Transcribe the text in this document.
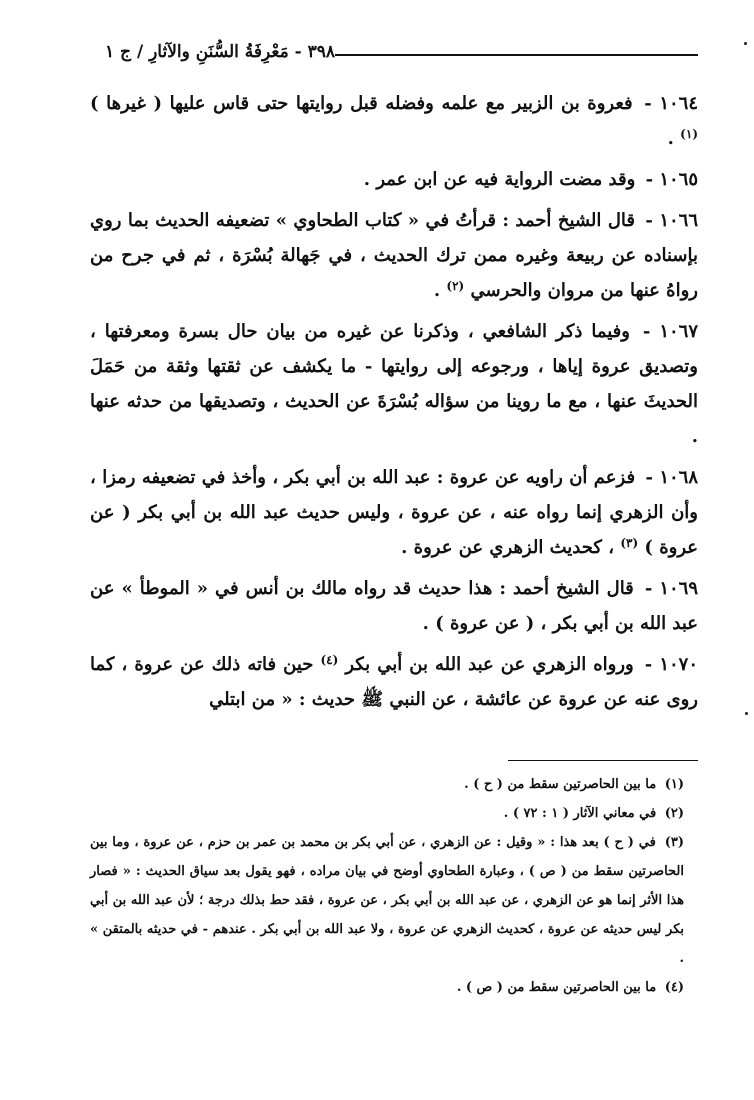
٣٩٨ - مَعْرِفَةُ السُّنَنِ والآثارِ / ج ١

١٠٦٤ - فعروة بن الزبير مع علمه وفضله قبل روايتها حتى قاس عليها ( غيرها ) $^{(١)}$ .

١٠٦٥ - وقد مضت الرواية فيه عن ابن عمر .

١٠٦٦ - قال الشيخ أحمد : قرأتُ في « كتاب الطحاوي » تضعيفه الحديث بما روي بإسناده عن ربيعة وغيره ممن ترك الحديث ، في جَهالة بُسْرَة ، ثم في جرح من رواهُ عنها من مروان والحرسي $^{(٢)}$ .

١٠٦٧ - وفيما ذكر الشافعي ، وذكرنا عن غيره من بيان حال بسرة ومعرفتها ، وتصديق عروة إياها ، ورجوعه إلى روايتها - ما يكشف عن ثقتها وثقة من حَمَلَ الحديثَ عنها ، مع ما روينا من سؤاله بُسْرَةَ عن الحديث ، وتصديقها من حدثه عنها .

١٠٦٨ - فزعم أن راويه عن عروة : عبد الله بن أبي بكر ، وأخذ في تضعيفه رمزا ، وأن الزهري إنما رواه عنه ، عن عروة ، وليس حديث عبد الله بن أبي بكر ( عن عروة ) $^{(٣)}$ ، كحديث الزهري عن عروة .

١٠٦٩ - قال الشيخ أحمد : هذا حديث قد رواه مالك بن أنس في « الموطأ » عن عبد الله بن أبي بكر ، ( عن عروة ) .

١٠٧٠ - ورواه الزهري عن عبد الله بن أبي بكر $^{(٤)}$ حين فاته ذلك عن عروة ، كما روى عنه عن عروة عن عائشة ، عن النبي ﷺ حديث : « من ابتلي

(١) ما بين الحاصرتين سقط من ( ح ) .

(٢) في معاني الآثار ( ١ : ٧٢ ) .

(٣) في ( ح ) بعد هذا : « وقيل : عن الزهري ، عن أبي بكر بن محمد بن عمر بن حزم ، عن عروة ، وما بين الحاصرتين سقط من ( ص ) ، وعبارة الطحاوي أوضح في بيان مراده ، فهو يقول بعد سياق الحديث : « فصار هذا الأثر إنما هو عن الزهري ، عن عبد الله بن أبي بكر ، عن عروة ، فقد حط بذلك درجة ؛ لأن عبد الله بن أبي بكر ليس حديثه عن عروة ، كحديث الزهري عن عروة ، ولا عبد الله بن أبي بكر . عندهم - في حديثه بالمتقن » .

(٤) ما بين الحاصرتين سقط من ( ص ) .
